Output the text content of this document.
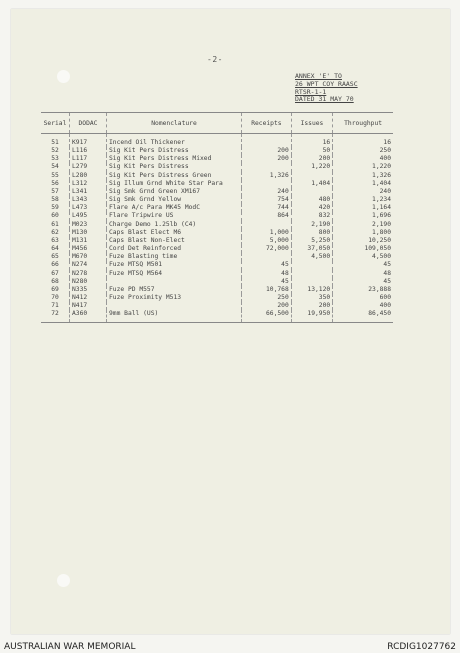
-2-
ANNEX 'E' TO
26 WPT COY RAASC
RTSR-1-1
DATED 31 MAY 70
Serial	DODAC	Nomenclature	Receipts	Issues	Throughput
51	K917	Incend Oil Thickener		16	16
52	L116	Sig Kit Pers Distress	200	50	250
53	L117	Sig Kit Pers Distress Mixed	200	200	400
54	L279	Sig Kit Pers Distress		1,220	1,220
55	L280	Sig Kit Pers Distress Green	1,326		1,326
56	L312	Sig Illum Grnd White Star Para		1,404	1,404
57	L341	Sig Smk Grnd Green XM167	240		240
58	L343	Sig Smk Grnd Yellow	754	480	1,234
59	L473	Flare A/c Para MK45 ModC	744	420	1,164
60	L495	Flare Tripwire US	864	832	1,696
61	M023	Charge Demo 1.25lb (C4)		2,190	2,190
62	M130	Caps Blast Elect M6	1,000	800	1,800
63	M131	Caps Blast Non-Elect	5,000	5,250	10,250
64	M456	Cord Det Reinforced	72,000	37,050	109,050
65	M670	Fuze Blasting time		4,500	4,500
66	N274	Fuze MTSQ M501	45		45
67	N278	Fuze MTSQ M564	48		48
68	N280		45		45
69	N335	Fuze PD M557	10,768	13,120	23,888
70	N412	Fuze Proximity M513	250	350	600
71	N417		200	200	400
72	A360	9mm Ball (US)	66,500	19,950	86,450
AUSTRALIAN WAR MEMORIAL	RCDIG1027762
